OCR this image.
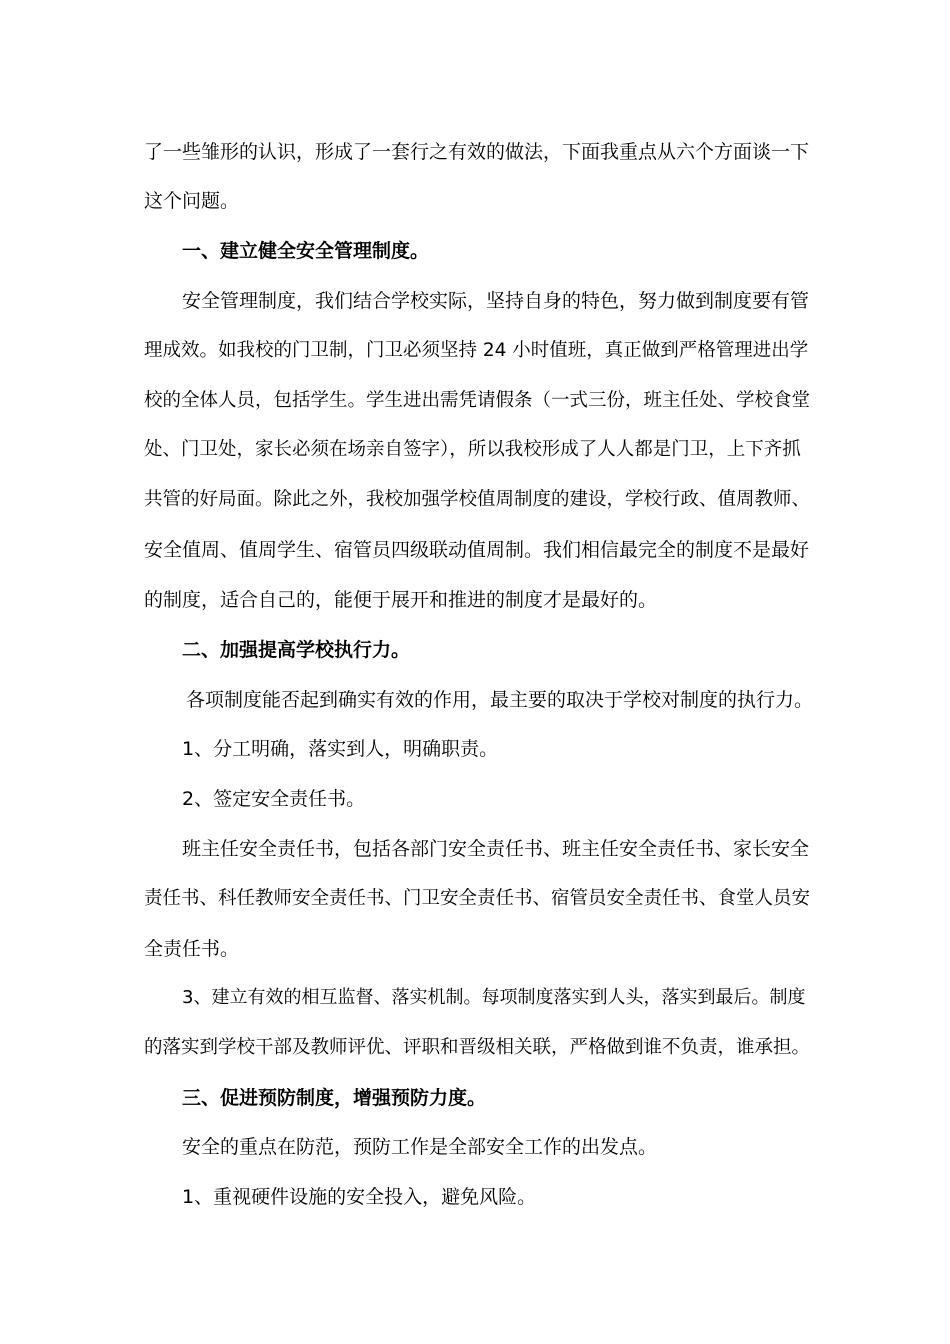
了一些雏形的认识，形成了一套行之有效的做法，下面我重点从六个方面谈一下
这个问题。
一、建立健全安全管理制度。
安全管理制度，我们结合学校实际，坚持自身的特色，努力做到制度要有管
理成效。如我校的门卫制，门卫必须坚持 24 小时值班，真正做到严格管理进出学
校的全体人员，包括学生。学生进出需凭请假条（一式三份，班主任处、学校食堂
处、门卫处，家长必须在场亲自签字），所以我校形成了人人都是门卫，上下齐抓
共管的好局面。除此之外，我校加强学校值周制度的建设，学校行政、值周教师、
安全值周、值周学生、宿管员四级联动值周制。我们相信最完全的制度不是最好
的制度，适合自己的，能便于展开和推进的制度才是最好的。
二、加强提高学校执行力。
各项制度能否起到确实有效的作用，最主要的取决于学校对制度的执行力。
1、分工明确，落实到人，明确职责。
2、签定安全责任书。
班主任安全责任书，包括各部门安全责任书、班主任安全责任书、家长安全
责任书、科任教师安全责任书、门卫安全责任书、宿管员安全责任书、食堂人员安
全责任书。
3、建立有效的相互监督、落实机制。每项制度落实到人头，落实到最后。制度
的落实到学校干部及教师评优、评职和晋级相关联，严格做到谁不负责，谁承担。
三、促进预防制度，增强预防力度。
安全的重点在防范，预防工作是全部安全工作的出发点。
1、重视硬件设施的安全投入，避免风险。
